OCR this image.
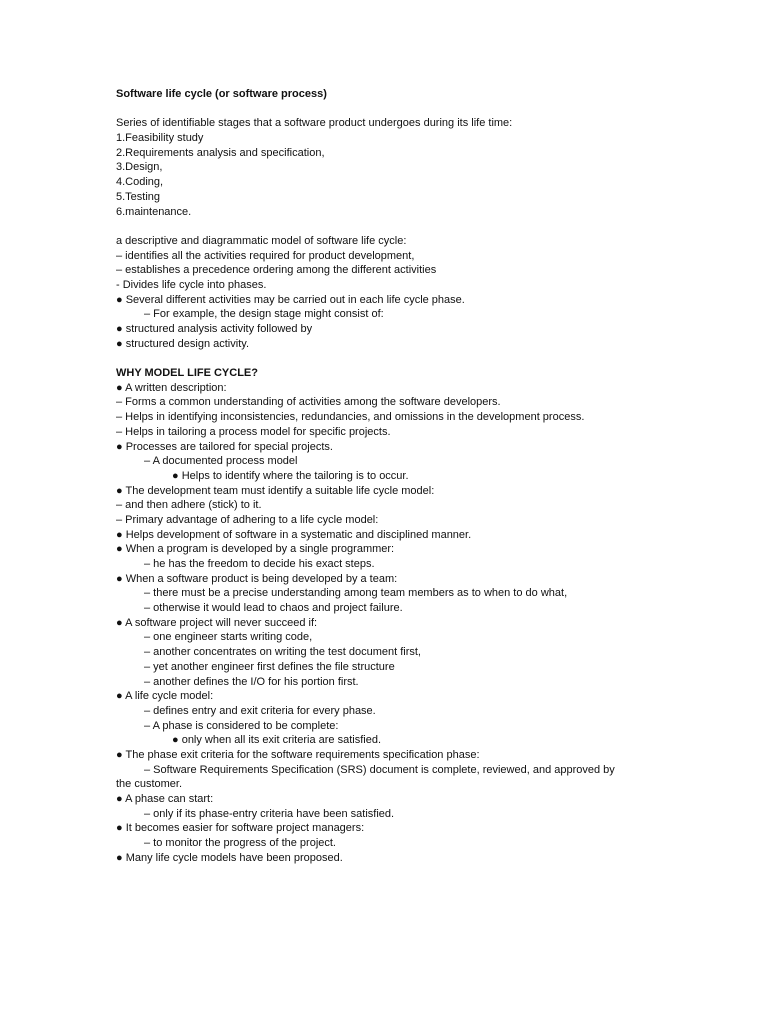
Software life cycle (or software process)
Series of identifiable stages that a software product undergoes during its life time:
1.Feasibility study
2.Requirements analysis and specification,
3.Design,
4.Coding,
5.Testing
6.maintenance.
a descriptive and diagrammatic model of software life cycle:
– identifies all the activities required for product development,
– establishes a precedence ordering among the different activities
- Divides life cycle into phases.
● Several different activities may be carried out in each life cycle phase.
– For example, the design stage might consist of:
● structured analysis activity followed by
● structured design activity.
WHY MODEL LIFE CYCLE?
● A written description:
– Forms a common understanding of activities among the software developers.
– Helps in identifying inconsistencies, redundancies, and omissions in the development process.
– Helps in tailoring a process model for specific projects.
● Processes are tailored for special projects.
– A documented process model
● Helps to identify where the tailoring is to occur.
● The development team must identify a suitable life cycle model:
– and then adhere (stick) to it.
– Primary advantage of adhering to a life cycle model:
● Helps development of software in a systematic and disciplined manner.
● When a program is developed by a single programmer:
– he has the freedom to decide his exact steps.
● When a software product is being developed by a team:
– there must be a precise understanding among team members as to when to do what,
– otherwise it would lead to chaos and project failure.
● A software project will never succeed if:
– one engineer starts writing code,
– another concentrates on writing the test document first,
– yet another engineer first defines the file structure
– another defines the I/O for his portion first.
● A life cycle model:
– defines entry and exit criteria for every phase.
– A phase is considered to be complete:
● only when all its exit criteria are satisfied.
● The phase exit criteria for the software requirements specification phase:
– Software Requirements Specification (SRS) document is complete, reviewed, and approved by
the customer.
● A phase can start:
– only if its phase-entry criteria have been satisfied.
● It becomes easier for software project managers:
– to monitor the progress of the project.
● Many life cycle models have been proposed.
